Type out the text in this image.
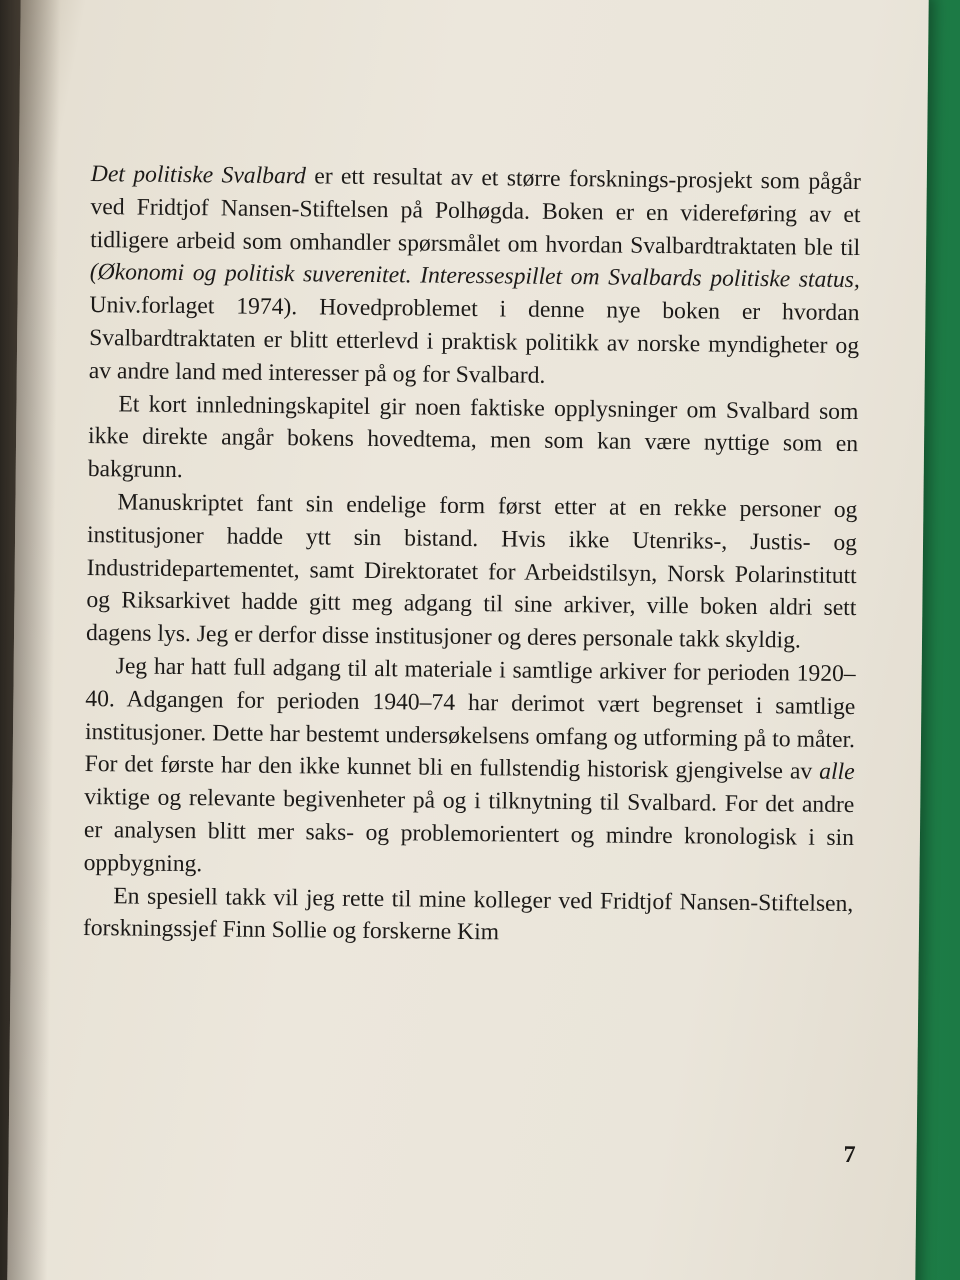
Det politiske Svalbard er ett resultat av et større forsknings-prosjekt som pågår ved Fridtjof Nansen-Stiftelsen på Polhøgda. Boken er en videreføring av et tidligere arbeid som omhandler spørsmålet om hvordan Svalbardtraktaten ble til (Økonomi og politisk suverenitet. Interessespillet om Svalbards politiske status, Univ.forlaget 1974). Hovedproblemet i denne nye boken er hvordan Svalbardtraktaten er blitt etterlevd i praktisk politikk av norske myndigheter og av andre land med interesser på og for Svalbard.

Et kort innledningskapitel gir noen faktiske opplysninger om Svalbard som ikke direkte angår bokens hovedtema, men som kan være nyttige som en bakgrunn.

Manuskriptet fant sin endelige form først etter at en rekke personer og institusjoner hadde ytt sin bistand. Hvis ikke Utenriks-, Justis- og Industridepartementet, samt Direktoratet for Arbeidstilsyn, Norsk Polarinstitutt og Riksarkivet hadde gitt meg adgang til sine arkiver, ville boken aldri sett dagens lys. Jeg er derfor disse institusjoner og deres personale takk skyldig.

Jeg har hatt full adgang til alt materiale i samtlige arkiver for perioden 1920–40. Adgangen for perioden 1940–74 har derimot vært begrenset i samtlige institusjoner. Dette har bestemt undersøkelsens omfang og utforming på to måter. For det første har den ikke kunnet bli en fullstendig historisk gjengivelse av alle viktige og relevante begivenheter på og i tilknytning til Svalbard. For det andre er analysen blitt mer saks- og problemorientert og mindre kronologisk i sin oppbygning.

En spesiell takk vil jeg rette til mine kolleger ved Fridtjof Nansen-Stiftelsen, forskningssjef Finn Sollie og forskerne Kim

7
